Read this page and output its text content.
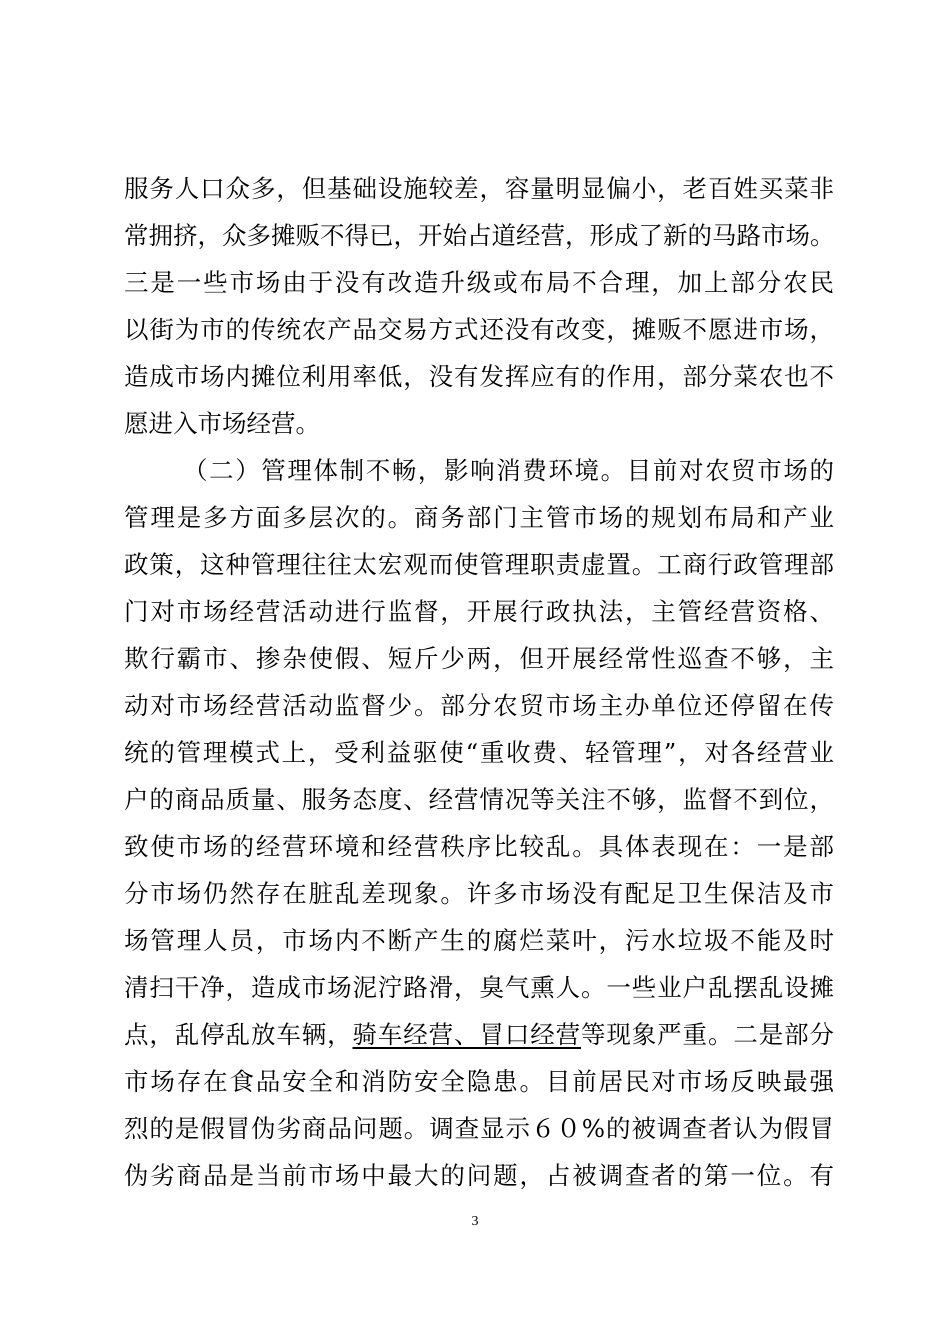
服务人口众多，但基础设施较差，容量明显偏小，老百姓买菜非
常拥挤，众多摊贩不得已，开始占道经营，形成了新的马路市场。
三是一些市场由于没有改造升级或布局不合理，加上部分农民
以街为市的传统农产品交易方式还没有改变，摊贩不愿进市场，
造成市场内摊位利用率低，没有发挥应有的作用，部分菜农也不
愿进入市场经营。
（二）管理体制不畅，影响消费环境。目前对农贸市场的
管理是多方面多层次的。商务部门主管市场的规划布局和产业
政策，这种管理往往太宏观而使管理职责虚置。工商行政管理部
门对市场经营活动进行监督，开展行政执法，主管经营资格、
欺行霸市、掺杂使假、短斤少两，但开展经常性巡查不够，主
动对市场经营活动监督少。部分农贸市场主办单位还停留在传
统的管理模式上，受利益驱使“重收费、轻管理”，对各经营业
户的商品质量、服务态度、经营情况等关注不够，监督不到位，
致使市场的经营环境和经营秩序比较乱。具体表现在：一是部
分市场仍然存在脏乱差现象。许多市场没有配足卫生保洁及市
场管理人员，市场内不断产生的腐烂菜叶，污水垃圾不能及时
清扫干净，造成市场泥泞路滑，臭气熏人。一些业户乱摆乱设摊
点，乱停乱放车辆，骑车经营、冒口经营等现象严重。二是部分
市场存在食品安全和消防安全隐患。目前居民对市场反映最强
烈的是假冒伪劣商品问题。调查显示６０%的被调查者认为假冒
伪劣商品是当前市场中最大的问题，占被调查者的第一位。有
3
